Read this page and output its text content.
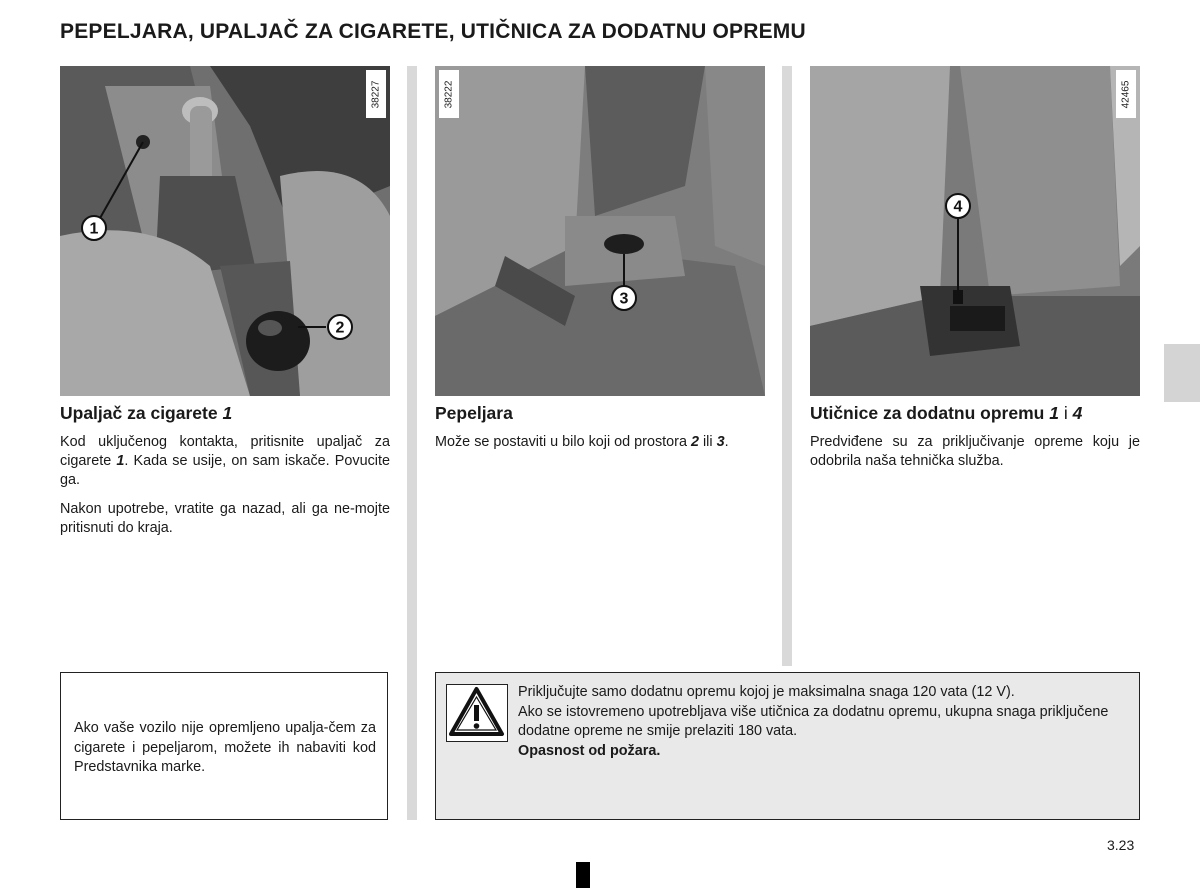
PEPELJARA, UPALJAČ ZA CIGARETE, UTIČNICA ZA DODATNU OPREMU
38227
1
2
38222
3
42465
4
Upaljač za cigarete 1

Kod uključenog kontakta, pritisnite upaljač za cigarete 1. Kada se usije, on sam iskače. Povucite ga.

Nakon upotrebe, vratite ga nazad, ali ga ne-mojte pritisnuti do kraja.

Pepeljara

Može se postaviti u bilo koji od prostora 2 ili 3.

Utičnice za dodatnu opremu 1 i 4

Predviđene su za priključivanje opreme koju je odobrila naša tehnička služba.

Ako vaše vozilo nije opremljeno upalja-čem za cigarete i pepeljarom, možete ih nabaviti kod Predstavnika marke.

Priključujte samo dodatnu opremu kojoj je maksimalna snaga 120 vata (12 V).
Ako se istovremeno upotrebljava više utičnica za dodatnu opremu, ukupna snaga priključene dodatne opreme ne smije prelaziti 180 vata.
Opasnost od požara.
3.23
